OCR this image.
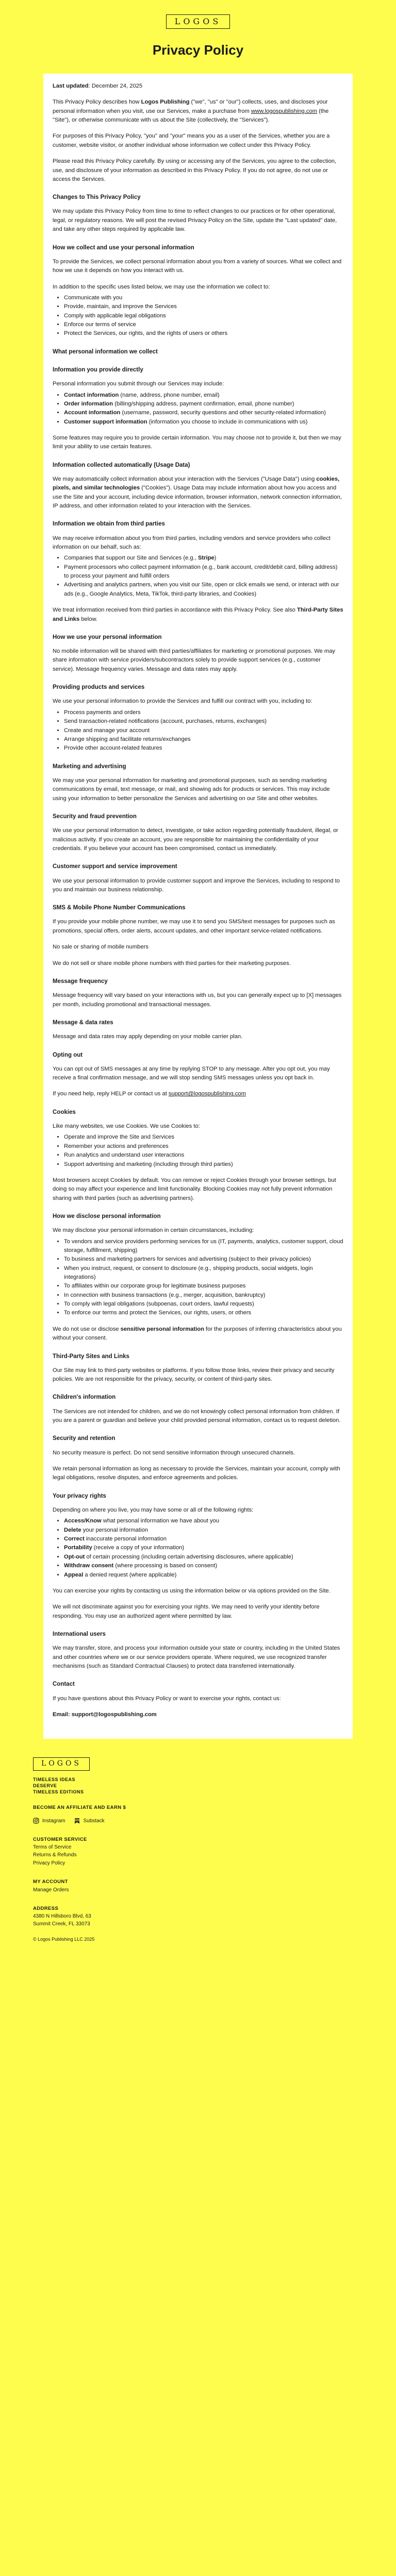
LOGOS
Privacy Policy

Last updated: December 24, 2025

This Privacy Policy describes how Logos Publishing ("we", "us" or "our") collects, uses, and discloses your personal information when you visit, use our Services, make a purchase from www.logospublishing.com (the "Site"), or otherwise communicate with us about the Site (collectively, the "Services").

For purposes of this Privacy Policy, "you" and "your" means you as a user of the Services, whether you are a customer, website visitor, or another individual whose information we collect under this Privacy Policy.

Please read this Privacy Policy carefully. By using or accessing any of the Services, you agree to the collection, use, and disclosure of your information as described in this Privacy Policy. If you do not agree, do not use or access the Services.

Changes to This Privacy Policy

We may update this Privacy Policy from time to time to reflect changes to our practices or for other operational, legal, or regulatory reasons. We will post the revised Privacy Policy on the Site, update the "Last updated" date, and take any other steps required by applicable law.

How we collect and use your personal information

To provide the Services, we collect personal information about you from a variety of sources. What we collect and how we use it depends on how you interact with us.

In addition to the specific uses listed below, we may use the information we collect to:

• Communicate with you
• Provide, maintain, and improve the Services
• Comply with applicable legal obligations
• Enforce our terms of service
• Protect the Services, our rights, and the rights of users or others
What personal information we collect
Information you provide directly

Personal information you submit through our Services may include:

• Contact information (name, address, phone number, email)
• Order information (billing/shipping address, payment confirmation, email, phone number)
• Account information (username, password, security questions and other security-related information)
• Customer support information (information you choose to include in communications with us)

Some features may require you to provide certain information. You may choose not to provide it, but then we may limit your ability to use certain features.

Information collected automatically (Usage Data)

We may automatically collect information about your interaction with the Services ("Usage Data") using cookies, pixels, and similar technologies ("Cookies"). Usage Data may include information about how you access and use the Site and your account, including device information, browser information, network connection information, IP address, and other information related to your interaction with the Services.

Information we obtain from third parties

We may receive information about you from third parties, including vendors and service providers who collect information on our behalf, such as:

• Companies that support our Site and Services (e.g., Stripe)
• Payment processors who collect payment information (e.g., bank account, credit/debit card, billing address) to process your payment and fulfill orders
• Advertising and analytics partners, when you visit our Site, open or click emails we send, or interact with our ads (e.g., Google Analytics, Meta, TikTok, third-party libraries, and Cookies)

We treat information received from third parties in accordance with this Privacy Policy. See also Third-Party Sites and Links below.

How we use your personal information

No mobile information will be shared with third parties/affiliates for marketing or promotional purposes. We may share information with service providers/subcontractors solely to provide support services (e.g., customer service). Message frequency varies. Message and data rates may apply.

Providing products and services

We use your personal information to provide the Services and fulfill our contract with you, including to:

• Process payments and orders
• Send transaction-related notifications (account, purchases, returns, exchanges)
• Create and manage your account
• Arrange shipping and facilitate returns/exchanges
• Provide other account-related features
Marketing and advertising

We may use your personal information for marketing and promotional purposes, such as sending marketing communications by email, text message, or mail, and showing ads for products or services. This may include using your information to better personalize the Services and advertising on our Site and other websites.

Security and fraud prevention

We use your personal information to detect, investigate, or take action regarding potentially fraudulent, illegal, or malicious activity. If you create an account, you are responsible for maintaining the confidentiality of your credentials. If you believe your account has been compromised, contact us immediately.

Customer support and service improvement

We use your personal information to provide customer support and improve the Services, including to respond to you and maintain our business relationship.

SMS & Mobile Phone Number Communications

If you provide your mobile phone number, we may use it to send you SMS/text messages for purposes such as promotions, special offers, order alerts, account updates, and other important service-related notifications.

No sale or sharing of mobile numbers

We do not sell or share mobile phone numbers with third parties for their marketing purposes.

Message frequency

Message frequency will vary based on your interactions with us, but you can generally expect up to [X] messages per month, including promotional and transactional messages.

Message & data rates

Message and data rates may apply depending on your mobile carrier plan.

Opting out

You can opt out of SMS messages at any time by replying STOP to any message. After you opt out, you may receive a final confirmation message, and we will stop sending SMS messages unless you opt back in.

If you need help, reply HELP or contact us at support@logospublishing.com

Cookies

Like many websites, we use Cookies. We use Cookies to:

• Operate and improve the Site and Services
• Remember your actions and preferences
• Run analytics and understand user interactions
• Support advertising and marketing (including through third parties)

Most browsers accept Cookies by default. You can remove or reject Cookies through your browser settings, but doing so may affect your experience and limit functionality. Blocking Cookies may not fully prevent information sharing with third parties (such as advertising partners).

How we disclose personal information

We may disclose your personal information in certain circumstances, including:

• To vendors and service providers performing services for us (IT, payments, analytics, customer support, cloud storage, fulfillment, shipping)
• To business and marketing partners for services and advertising (subject to their privacy policies)
• When you instruct, request, or consent to disclosure (e.g., shipping products, social widgets, login integrations)
• To affiliates within our corporate group for legitimate business purposes
• In connection with business transactions (e.g., merger, acquisition, bankruptcy)
• To comply with legal obligations (subpoenas, court orders, lawful requests)
• To enforce our terms and protect the Services, our rights, users, or others

We do not use or disclose sensitive personal information for the purposes of inferring characteristics about you without your consent.

Third-Party Sites and Links

Our Site may link to third-party websites or platforms. If you follow those links, review their privacy and security policies. We are not responsible for the privacy, security, or content of third-party sites.

Children's information

The Services are not intended for children, and we do not knowingly collect personal information from children. If you are a parent or guardian and believe your child provided personal information, contact us to request deletion.

Security and retention

No security measure is perfect. Do not send sensitive information through unsecured channels.

We retain personal information as long as necessary to provide the Services, maintain your account, comply with legal obligations, resolve disputes, and enforce agreements and policies.

Your privacy rights

Depending on where you live, you may have some or all of the following rights:

• Access/Know what personal information we have about you
• Delete your personal information
• Correct inaccurate personal information
• Portability (receive a copy of your information)
• Opt-out of certain processing (including certain advertising disclosures, where applicable)
• Withdraw consent (where processing is based on consent)
• Appeal a denied request (where applicable)

You can exercise your rights by contacting us using the information below or via options provided on the Site.

We will not discriminate against you for exercising your rights. We may need to verify your identity before responding. You may use an authorized agent where permitted by law.

International users

We may transfer, store, and process your information outside your state or country, including in the United States and other countries where we or our service providers operate. Where required, we use recognized transfer mechanisms (such as Standard Contractual Clauses) to protect data transferred internationally.

Contact

If you have questions about this Privacy Policy or want to exercise your rights, contact us:

Email: support@logospublishing.com

LOGOS
TIMELESS IDEAS
DESERVE
TIMELESS EDITIONS
BECOME AN AFFILIATE AND EARN $
Instagram	Substack
CUSTOMER SERVICE
Terms of Service
Returns & Refunds
Privacy Policy
MY ACCOUNT
Manage Orders
ADDRESS
4380 N Hillsboro Blvd, 63
Summit Creek, FL 33073
© Logos Publishing LLC 2025
